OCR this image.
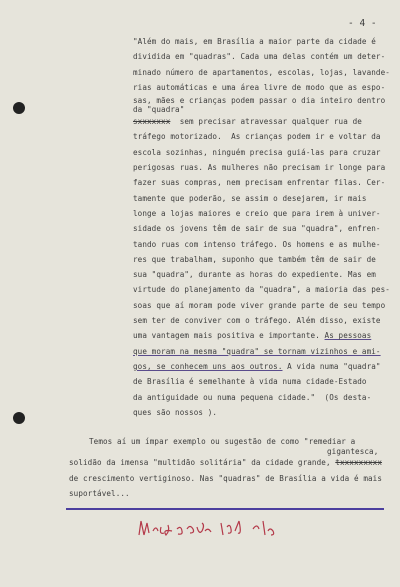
- 4 -
"Além do mais, em Brasília a maior parte da cidade é
dividida em "quadras". Cada uma delas contém um deter-
minado número de apartamentos, escolas, lojas, lavande-
rias automáticas e uma área livre de modo que as espo-
sas, mães e crianças podem passar o dia inteiro dentro
da "quadra"
sxxxxxxx sem precisar atravessar qualquer rua de
tráfego motorizado.  As crianças podem ir e voltar da
escola sozinhas, ninguém precisa guiá-las para cruzar
perigosas ruas. As mulheres não precisam ir longe para
fazer suas compras, nem precisam enfrentar filas. Cer-
tamente que poderão, se assim o desejarem, ir mais
longe a lojas maiores e creio que para irem à univer-
sidade os jovens têm de sair de sua "quadra", enfren-
tando ruas com intenso tráfego. Os homens e as mulhe-
res que trabalham, suponho que também têm de sair de
sua "quadra", durante as horas do expediente. Mas em
virtude do planejamento da "quadra", a maioria das pes-
soas que aí moram pode viver grande parte de seu tempo
sem ter de conviver com o tráfego. Além disso, existe
uma vantagem mais positiva e importante. As pessoas
que moram na mesma "quadra" se tornam vizinhos e ami-
gos, se conhecem uns aos outros. A vida numa "quadra"
de Brasília é semelhante à vida numa cidade-Estado
da antiguidade ou numa pequena cidade."  (Os desta-
ques são nossos ).
Temos aí um ímpar exemplo ou sugestão de como "remediar a
gigantesca,
solidão da imensa "multidão solitária" da cidade grande, txxxxxxxxx
de crescimento vertiginoso. Nas "quadras" de Brasília a vida é mais
suportável...
